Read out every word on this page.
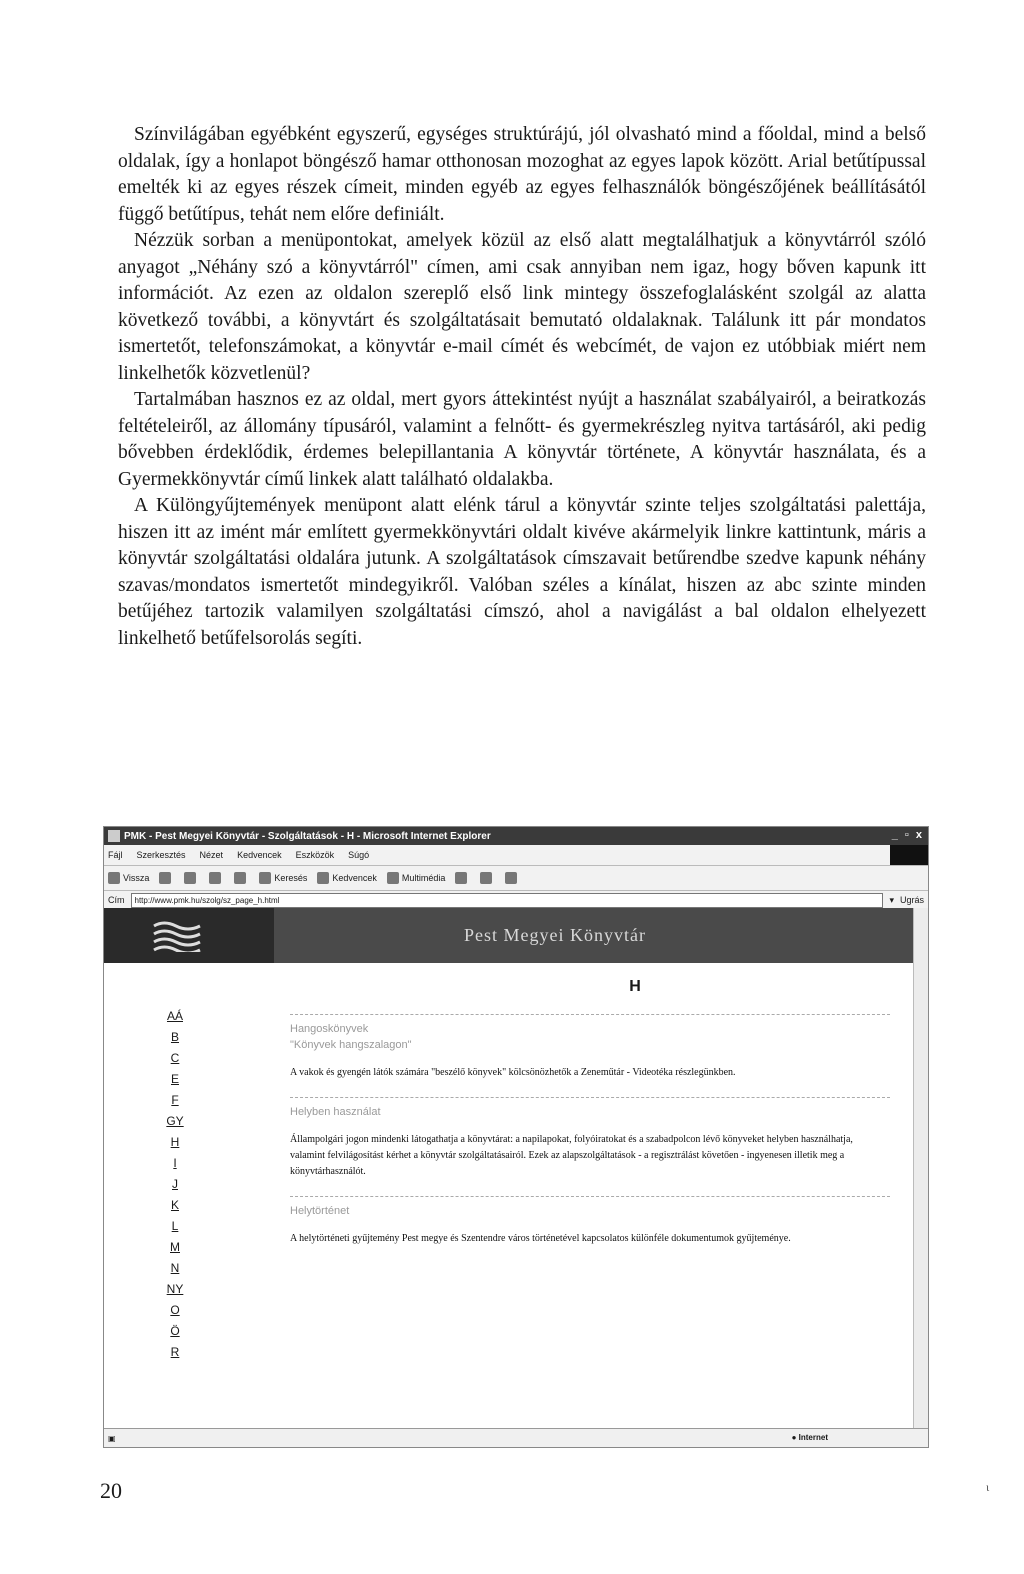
Színvilágában egyébként egyszerű, egységes struktúrájú, jól olvasható mind a főoldal, mind a belső oldalak, így a honlapot böngésző hamar otthonosan mozoghat az egyes lapok között. Arial betűtípussal emelték ki az egyes részek címeit, minden egyéb az egyes felhasználók böngészőjének beállításától függő betűtípus, tehát nem előre definiált.

Nézzük sorban a menüpontokat, amelyek közül az első alatt megtalálhatjuk a könyvtárról szóló anyagot „Néhány szó a könyvtárról" címen, ami csak annyiban nem igaz, hogy bőven kapunk itt információt. Az ezen az oldalon szereplő első link mintegy összefoglalásként szolgál az alatta következő további, a könyvtárt és szolgáltatásait bemutató oldalaknak. Találunk itt pár mondatos ismertetőt, telefonszámokat, a könyvtár e-mail címét és webcímét, de vajon ez utóbbiak miért nem linkelhetők közvetlenül?

Tartalmában hasznos ez az oldal, mert gyors áttekintést nyújt a használat szabályairól, a beiratkozás feltételeiről, az állomány típusáról, valamint a felnőtt- és gyermekrészleg nyitva tartásáról, aki pedig bővebben érdeklődik, érdemes belepillantania A könyvtár története, A könyvtár használata, és a Gyermekkönyvtár című linkek alatt található oldalakba.

A Különgyűjtemények menüpont alatt elénk tárul a könyvtár szinte teljes szolgáltatási palettája, hiszen itt az imént már említett gyermekkönyvtári oldalt kivéve akármelyik linkre kattintunk, máris a könyvtár szolgáltatási oldalára jutunk. A szolgáltatások címszavait betűrendbe szedve kapunk néhány szavas/mondatos ismertetőt mindegyikről. Valóban széles a kínálat, hiszen az abc szinte minden betűjéhez tartozik valamilyen szolgáltatási címszó, ahol a navigálást a bal oldalon elhelyezett linkelhető betűfelsorolás segíti.

PMK - Pest Megyei Könyvtár - Szolgáltatások - H - Microsoft Internet Explorer	_ ▫ x
Fájl Szerkesztés Nézet Kedvencek Eszközök Súgó
Vissza	Keresés	Kedvencek	Multimédia
Cím	http://www.pmk.hu/szolg/sz_page_h.html	▾ Ugrás
Pest Megyei Könyvtár
AÁ
B
C
E
F
GY
H
I
J
K
L
M
N
NY
O
Ö
R
H
Hangoskönyvek
"Könyvek hangszalagon"
A vakok és gyengén látók számára "beszélő könyvek" kölcsönözhetők a Zeneműtár - Videotéka részlegünkben.
Helyben használat
Állampolgári jogon mindenki látogathatja a könyvtárat: a napilapokat, folyóiratokat és a szabadpolcon lévő könyveket helyben használhatja, valamint felvilágosítást kérhet a könyvtár szolgáltatásairól. Ezek az alapszolgáltatások - a regisztrálást követően - ingyenesen illetik meg a könyvtárhasználót.
Helytörténet
A helytörténeti gyűjtemény Pest megye és Szentendre város történetével kapcsolatos különféle dokumentumok gyűjteménye.
▣	● Internet
20	ι
